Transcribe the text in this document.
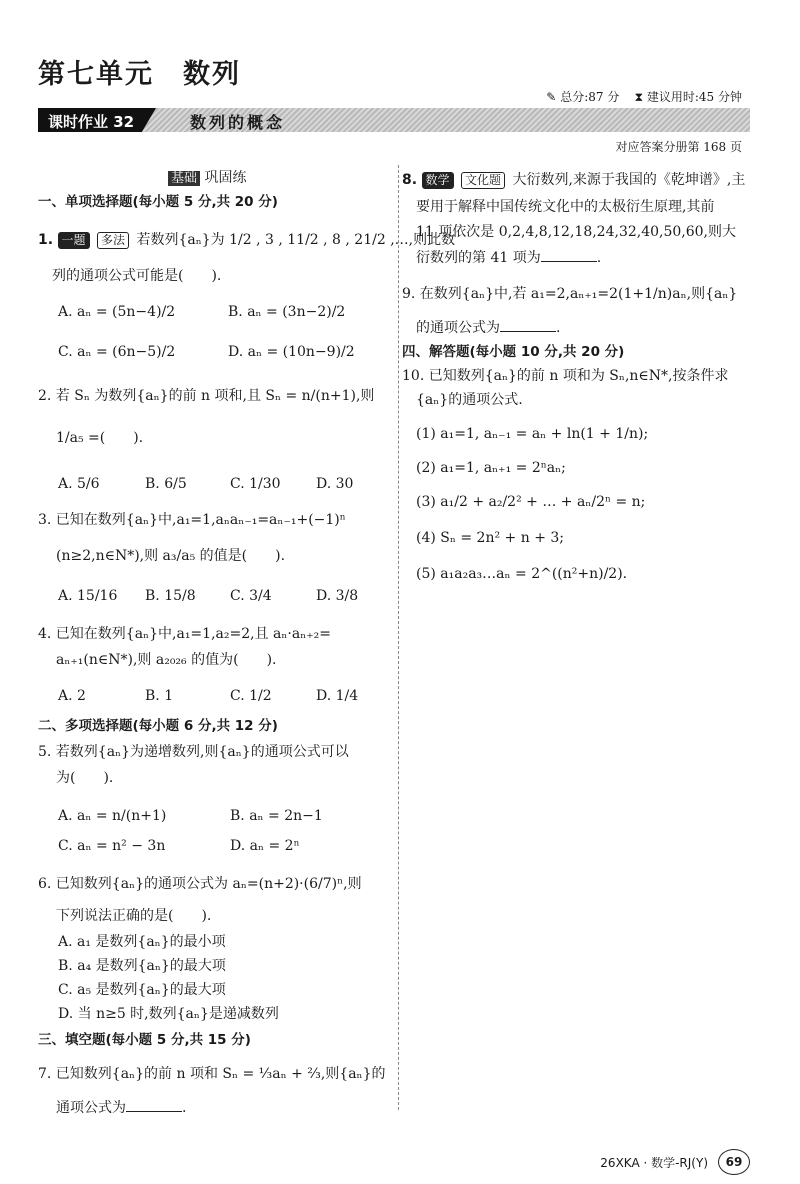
第七单元　数列
✎ 总分:87 分 ⧗ 建议用时:45 分钟
课时作业 32	数列的概念
对应答案分册第 168 页
基础 巩固练
一、单项选择题(每小题 5 分,共 20 分)
1. 一题 多法 若数列{aₙ}为 1/2 , 3 , 11/2 , 8 , 21/2 ,…,则此数
列的通项公式可能是(　　).
A. aₙ = (5n−4)/2	B. aₙ = (3n−2)/2
C. aₙ = (6n−5)/2	D. aₙ = (10n−9)/2
2. 若 Sₙ 为数列{aₙ}的前 n 项和,且 Sₙ = n/(n+1),则
1/a₅ =(　　).
A. 5/6	B. 6/5	C. 1/30	D. 30
3. 已知在数列{aₙ}中,a₁=1,aₙaₙ₋₁=aₙ₋₁+(−1)ⁿ
(n≥2,n∈N*),则 a₃/a₅ 的值是(　　).
A. 15/16 B. 15/8 C. 3/4	D. 3/8
4. 已知在数列{aₙ}中,a₁=1,a₂=2,且 aₙ·aₙ₊₂=
aₙ₊₁(n∈N*),则 a₂₀₂₆ 的值为(　　).
A. 2	B. 1	C. 1/2	D. 1/4
二、多项选择题(每小题 6 分,共 12 分)
5. 若数列{aₙ}为递增数列,则{aₙ}的通项公式可以
为(　　).
A. aₙ = n/(n+1)	B. aₙ = 2n−1
C. aₙ = n² − 3n	D. aₙ = 2ⁿ
6. 已知数列{aₙ}的通项公式为 aₙ=(n+2)·(6/7)ⁿ,则
下列说法正确的是(　　).
A. a₁ 是数列{aₙ}的最小项
B. a₄ 是数列{aₙ}的最大项
C. a₅ 是数列{aₙ}的最大项
D. 当 n≥5 时,数列{aₙ}是递减数列
三、填空题(每小题 5 分,共 15 分)
7. 已知数列{aₙ}的前 n 项和 Sₙ = ⅓aₙ + ⅔,则{aₙ}的
通项公式为	.
8. 数学 文化题 大衍数列,来源于我国的《乾坤谱》,主
要用于解释中国传统文化中的太极衍生原理,其前
11 项依次是 0,2,4,8,12,18,24,32,40,50,60,则大
衍数列的第 41 项为	.
9. 在数列{aₙ}中,若 a₁=2,aₙ₊₁=2(1+1/n)aₙ,则{aₙ}
的通项公式为	.
四、解答题(每小题 10 分,共 20 分)
10. 已知数列{aₙ}的前 n 项和为 Sₙ,n∈N*,按条件求
{aₙ}的通项公式.
(1) a₁=1, aₙ₋₁ = aₙ + ln(1 + 1/n);
(2) a₁=1, aₙ₊₁ = 2ⁿaₙ;
(3) a₁/2 + a₂/2² + … + aₙ/2ⁿ = n;
(4) Sₙ = 2n² + n + 3;
(5) a₁a₂a₃…aₙ = 2^((n²+n)/2).
26XKA · 数学-RJ(Y)	69
